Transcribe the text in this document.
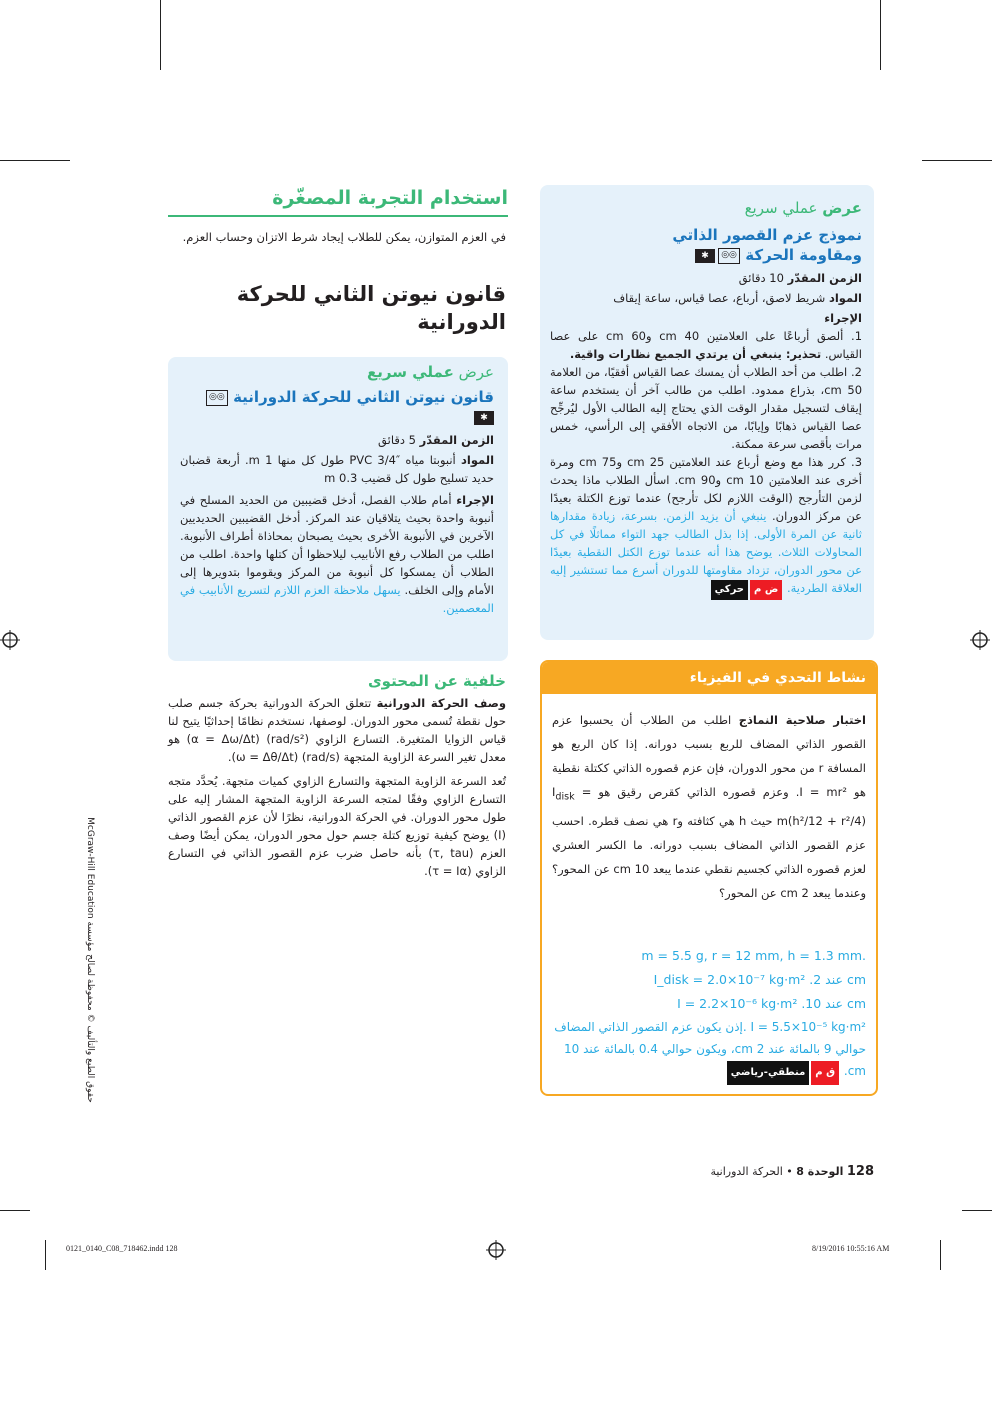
استخدام التجربة المصغّرة
في العزم المتوازن، يمكن للطلاب إيجاد شرط الاتزان وحساب العزم.
قانون نيوتن الثاني للحركة الدورانية
عرض عملي سريع
قانون نيوتن الثاني للحركة الدورانية ◎◎✱
الزمن المقدّر 5 دقائق
المواد أنبوبتا مياه ‎PVC 3/4″‎ طول كل منها 1 m. أربعة قضبان حديد تسليح طول كل قضيب 0.3 m
الإجراء أمام طلاب الفصل، أدخل قضيبين من الحديد المسلح في أنبوبة واحدة بحيث يتلاقيان عند المركز. أدخل القضيبين الحديديين الآخرين في الأنبوبة الأخرى بحيث يصبحان بمحاذاة أطراف الأنبوبة. اطلب من الطلاب رفع الأنابيب ليلاحظوا أن كتلها واحدة. اطلب من الطلاب أن يمسكوا كل أنبوبة من المركز ويقوموا بتدويرها إلى الأمام وإلى الخلف. يسهل ملاحظة العزم اللازم لتسريع الأنابيب في المعصمين.
خلفية عن المحتوى
وصف الحركة الدورانية تتعلق الحركة الدورانية بحركة جسم صلب حول نقطة تُسمى محور الدوران. لوصفها، نستخدم نظامًا إحداثيًا يتيح لنا قياس الزوايا المتغيرة. التسارع الزاوي (rad/s²) (α = Δω/Δt) هو معدل تغير السرعة الزاوية المتجهة (rad/s) (ω = Δθ/Δt).
تُعد السرعة الزاوية المتجهة والتسارع الزاوي كميات متجهة. يُحدَّد متجه التسارع الزاوي وفقًا لمتجه السرعة الزاوية المتجهة المشار إليه على طول محور الدوران. في الحركة الدورانية، نظرًا لأن عزم القصور الذاتي (I) يوضح كيفية توزيع كتلة جسم حول محور الدوران، يمكن أيضًا وصف العزم (τ, tau) بأنه حاصل ضرب عزم القصور الذاتي في التسارع الزاوي (τ = Iα).
عرض عملي سريع
نموذج عزم القصور الذاتي
ومقاومة الحركة ◎◎✱
الزمن المقدّر 10 دقائق
المواد شريط لاصق، أرباع، عصا قياس، ساعة إيقاف
الإجراء
1. ألصق أرباعًا على العلامتين 40 cm و60 cm على عصا القياس. تحذير: ينبغي أن يرتدي الجميع نظارات واقية.
2. اطلب من أحد الطلاب أن يمسك عصا القياس أفقيًا، من العلامة 50 cm، بذراع ممدود. اطلب من طالب آخر أن يستخدم ساعة إيقاف لتسجيل مقدار الوقت الذي يحتاج إليه الطالب الأول ليُرجِّح عصا القياس ذهابًا وإيابًا، من الاتجاه الأفقي إلى الرأسي، خمس مرات بأقصى سرعة ممكنة.
3. كرر هذا مع وضع أرباع عند العلامتين 25 cm و75 cm ومرة أخرى عند العلامتين 10 cm و90 cm. اسأل الطلاب ماذا يحدث لزمن التأرجح (الوقت اللازم لكل تأرجح) عندما توزع الكتلة بعيدًا عن مركز الدوران. ينبغي أن يزيد الزمن. بسرعة، زيادة مقدارها ثانية عن المرة الأولى. إذا بذل الطالب جهد التواء مماثلًا في كل المحاولات الثلاث. يوضح هذا أنه عندما توزع الكتل النقطية بعيدًا عن محور الدوران، تزداد مقاومتها للدوران أسرع مما تستشير إليه العلاقة الطردية. ض محركي
نشاط التحدي في الفيزياء
اختبار صلاحية النماذج اطلب من الطلاب أن يحسبوا عزم القصور الذاتي المضاف للربع بسبب دورانه. إذا كان الربع هو المسافة r من محور الدوران، فإن عزم قصوره الذاتي ككتلة نقطية هو I = mr². وعزم قصوره الذاتي كقرص رقيق هو $I_{disk} = m(h^2/12 + r^2/4)$ حيث h هي كثافته وr هي نصف قطره. احسب عزم القصور الذاتي المضاف بسبب دورانه. ما الكسر العشري لعزم قصوره الذاتي كجسيم نقطي عندما يبعد 10 cm عن المحور؟ وعندما يبعد 2 cm عن المحور؟
m = 5.5 g, r = 12 mm, h = 1.3 mm.
I_disk = 2.0×10⁻⁷ kg·m² .عند 2 cm
I = 2.2×10⁻⁶ kg·m² .عند 10 cm
I = 5.5×10⁻⁵ kg·m² .إذن يكون عزم القصور الذاتي المضاف حوالي 9 بالمائة عند 2 cm، ويكون حوالي 0.4 بالمائة عند 10 cm. ق ممنطقي-رياضي
حقوق الطبع والتأليف © محفوظة لصالح مؤسسة McGraw-Hill Education
128 الوحدة 8 • الحركة الدورانية
0121_0140_C08_718462.indd 128	8/19/2016 10:55:16 AM
